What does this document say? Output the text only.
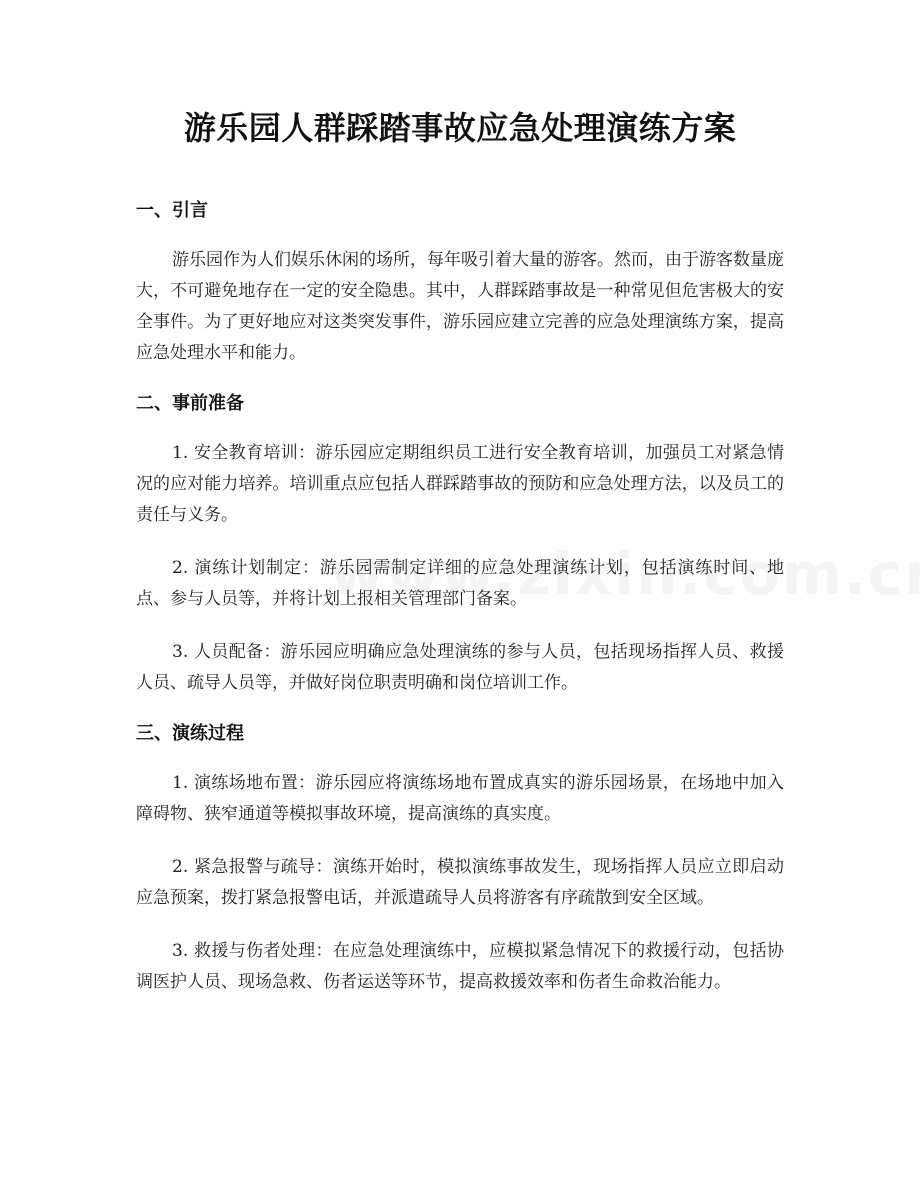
游乐园人群踩踏事故应急处理演练方案
一、引言

游乐园作为人们娱乐休闲的场所，每年吸引着大量的游客。然而，由于游客数量庞大，不可避免地存在一定的安全隐患。其中，人群踩踏事故是一种常见但危害极大的安全事件。为了更好地应对这类突发事件，游乐园应建立完善的应急处理演练方案，提高应急处理水平和能力。

二、事前准备

1. 安全教育培训：游乐园应定期组织员工进行安全教育培训，加强员工对紧急情况的应对能力培养。培训重点应包括人群踩踏事故的预防和应急处理方法，以及员工的责任与义务。

2. 演练计划制定：游乐园需制定详细的应急处理演练计划，包括演练时间、地点、参与人员等，并将计划上报相关管理部门备案。

3. 人员配备：游乐园应明确应急处理演练的参与人员，包括现场指挥人员、救援人员、疏导人员等，并做好岗位职责明确和岗位培训工作。

三、演练过程

1. 演练场地布置：游乐园应将演练场地布置成真实的游乐园场景，在场地中加入障碍物、狭窄通道等模拟事故环境，提高演练的真实度。

2. 紧急报警与疏导：演练开始时，模拟演练事故发生，现场指挥人员应立即启动应急预案，拨打紧急报警电话，并派遣疏导人员将游客有序疏散到安全区域。

3. 救援与伤者处理：在应急处理演练中，应模拟紧急情况下的救援行动，包括协调医护人员、现场急救、伤者运送等环节，提高救援效率和伤者生命救治能力。
